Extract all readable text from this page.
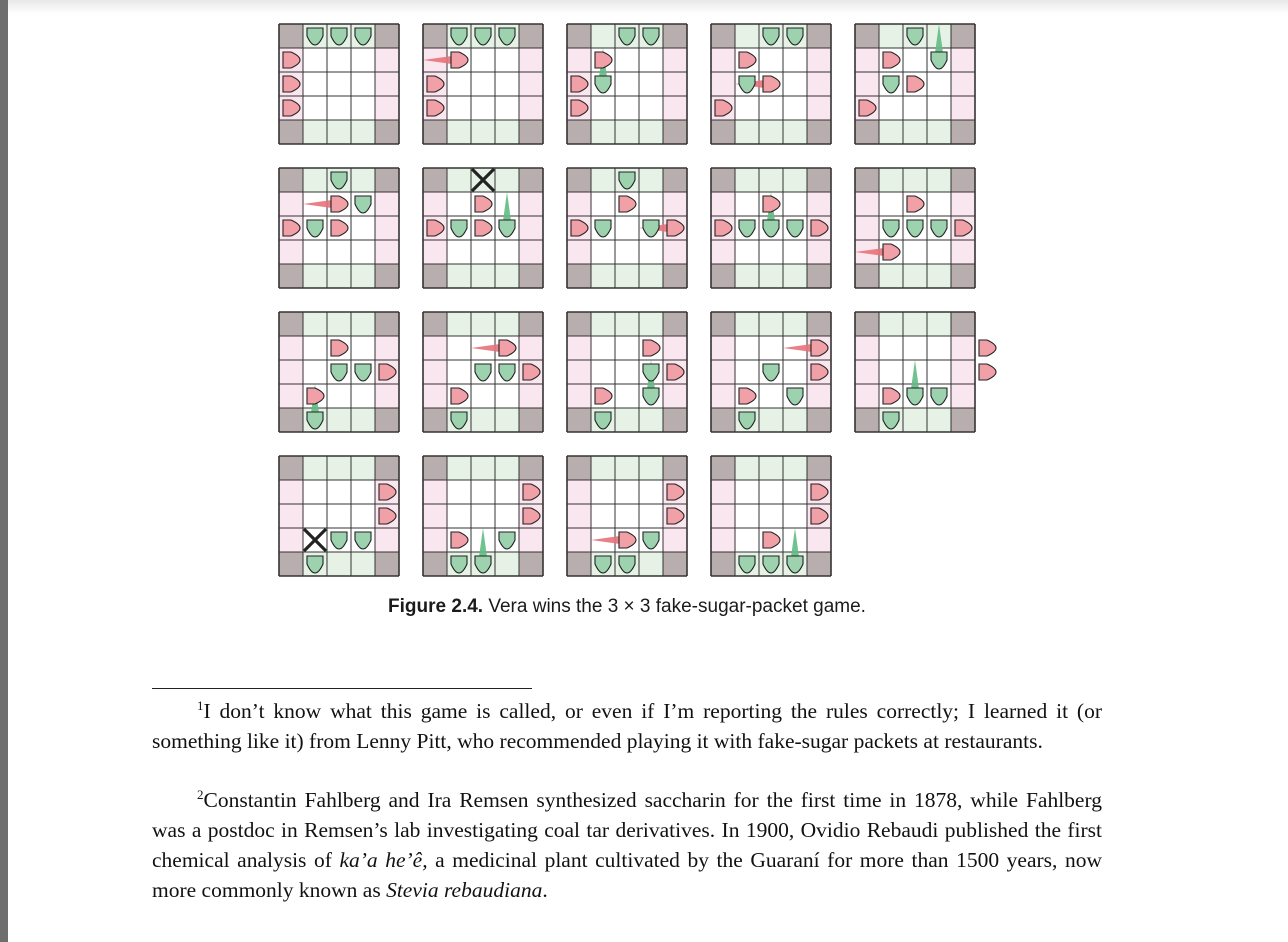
Figure 2.4. Vera wins the 3 × 3 fake-sugar-packet game.

$^1$I don’t know what this game is called, or even if I’m reporting the rules correctly; I learned it (or something like it) from Lenny Pitt, who recommended playing it with fake-sugar packets at restaurants.

$^2$Constantin Fahlberg and Ira Remsen synthesized saccharin for the first time in 1878, while Fahlberg was a postdoc in Remsen’s lab investigating coal tar derivatives. In 1900, Ovidio Rebaudi published the first chemical analysis of ka’a he’ê, a medicinal plant cultivated by the Guaraní for more than 1500 years, now more commonly known as Stevia rebaudiana.
